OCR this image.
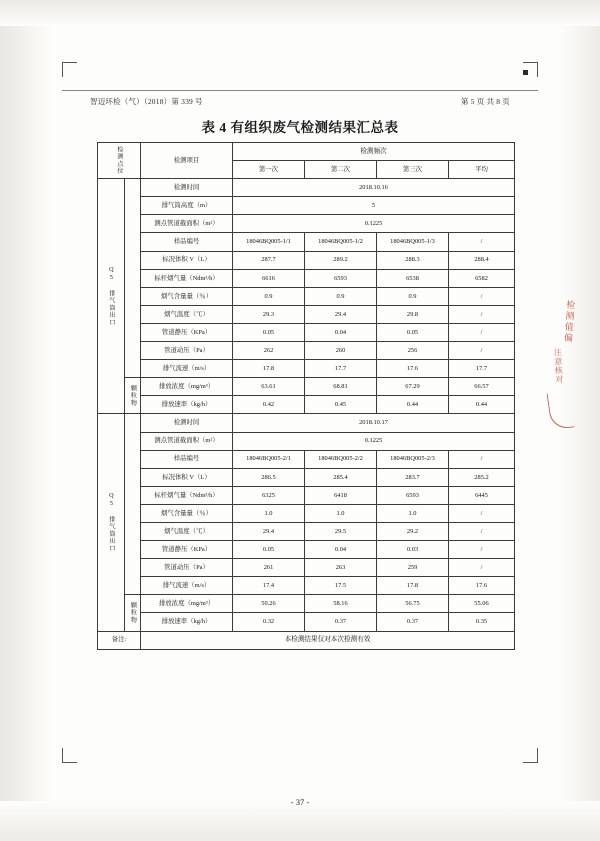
智迈环检（气）（2018）第 339 号	第 5 页 共 8 页
表 4 有组织废气检测结果汇总表
检测点位		检测项目	检测频次			
			第一次	第二次	第三次	平均

Q5 排气筒出口		检测时间	2018.10.16			
		排气筒高度（m）	5			
		测点管道截面积（m²）	0.1225			
		样品编号	18046BQ005-1/1	18046BQ005-1/2	18046BQ005-1/3	/
		标况体积 V（L）	287.7	289.2	288.3	288.4
		标杆烟气量（Ndm³/h）	6616	6593	6538	6582
		烟气含量量（％）	0.9	0.9	0.9	/
		烟气温度（℃）	29.3	29.4	29.8	/
		管道静压（KPa）	0.05	0.04	0.05	/
		管道动压（Pa）	262	260	256	/
		排气流速（m/s）	17.8	17.7	17.6	17.7

	颗粒物	排放浓度（mg/m³）	63.61	68.81	67.29	66.57
		排放速率（kg/h）	0.42	0.45	0.44	0.44

Q5 排气筒出口		检测时间	2018.10.17			
		测点管道截面积（m²）	0.1225			
		样品编号	18046BQ005-2/1	18046BQ005-2/2	18046BQ005-2/3	/
		标况体积 V（L）	286.5	285.4	283.7	285.2
		标杆烟气量（Ndm³/h）	6325	6418	6593	6445
		烟气含量量（％）	1.0	1.0	1.0	/
		烟气温度（℃）	29.4	29.5	29.2	/
		管道静压（KPa）	0.05	0.04	0.03	/
		管道动压（Pa）	261	263	259	/
		排气流速（m/s）	17.4	17.5	17.8	17.6

	颗粒物	排放浓度（mg/m³）	50.26	58.16	56.75	55.06
		排放速率（kg/h）	0.32	0.37	0.37	0.35
备注:		本检测结果仅对本次检测有效				
检测值偏
注意核对
- 37 -
